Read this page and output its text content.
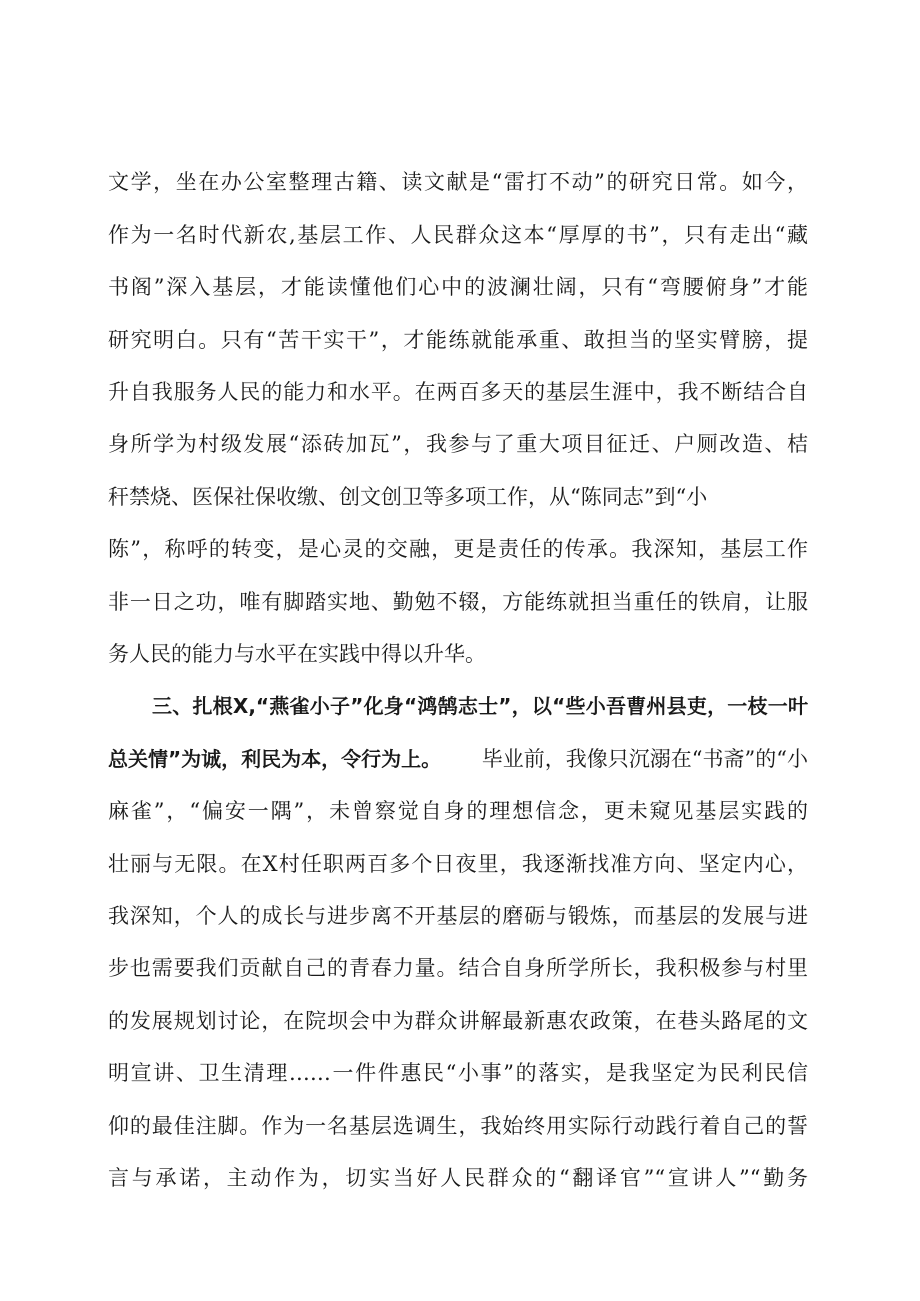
文学，坐在办公室整理古籍、读文献是“雷打不动”的研究日常。如今，
作为一名时代新农,基层工作、人民群众这本“厚厚的书”，只有走出“藏
书阁”深入基层，才能读懂他们心中的波澜壮阔，只有“弯腰俯身”才能
研究明白。只有“苦干实干”，才能练就能承重、敢担当的坚实臂膀，提
升自我服务人民的能力和水平。在两百多天的基层生涯中，我不断结合自
身所学为村级发展“添砖加瓦”，我参与了重大项目征迁、户厕改造、桔
秆禁烧、医保社保收缴、创文创卫等多项工作，从“陈同志”到“小
陈”，称呼的转变，是心灵的交融，更是责任的传承。我深知，基层工作
非一日之功，唯有脚踏实地、勤勉不辍，方能练就担当重任的铁肩，让服
务人民的能力与水平在实践中得以升华。
三、扎根X,“燕雀小子”化身“鸿鹄志士”，以“些小吾曹州县吏，一枝一叶
总关情”为诚，利民为本，令行为上。 毕业前，我像只沉溺在“书斋”的“小
麻雀”，“偏安一隅”，未曾察觉自身的理想信念，更未窥见基层实践的
壮丽与无限。在X村任职两百多个日夜里，我逐渐找准方向、坚定内心，
我深知，个人的成长与进步离不开基层的磨砺与锻炼，而基层的发展与进
步也需要我们贡献自己的青春力量。结合自身所学所长，我积极参与村里
的发展规划讨论，在院坝会中为群众讲解最新惠农政策，在巷头路尾的文
明宣讲、卫生清理……一件件惠民“小事”的落实，是我坚定为民利民信
仰的最佳注脚。作为一名基层选调生，我始终用实际行动践行着自己的誓
言与承诺，主动作为，切实当好人民群众的“翻译官”“宣讲人”“勤务
